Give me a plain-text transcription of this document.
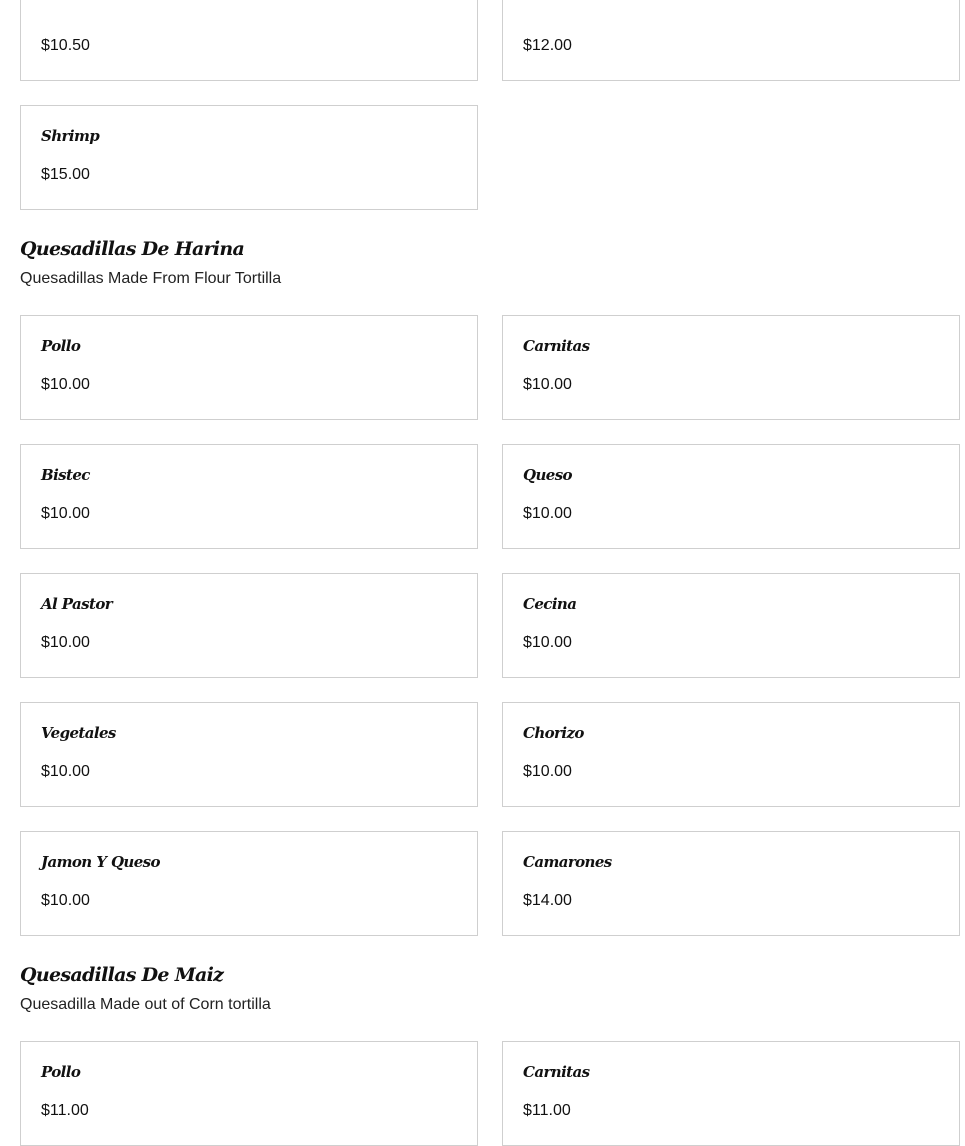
$10.50	$12.00
Shrimp
$15.00
Quesadillas De Harina

Quesadillas Made From Flour Tortilla

Pollo
$10.00
Carnitas
$10.00
Bistec
$10.00
Queso
$10.00
Al Pastor
$10.00
Cecina
$10.00
Vegetales
$10.00
Chorizo
$10.00
Jamon Y Queso
$10.00
Camarones
$14.00
Quesadillas De Maiz

Quesadilla Made out of Corn tortilla

Pollo
$11.00
Carnitas
$11.00
